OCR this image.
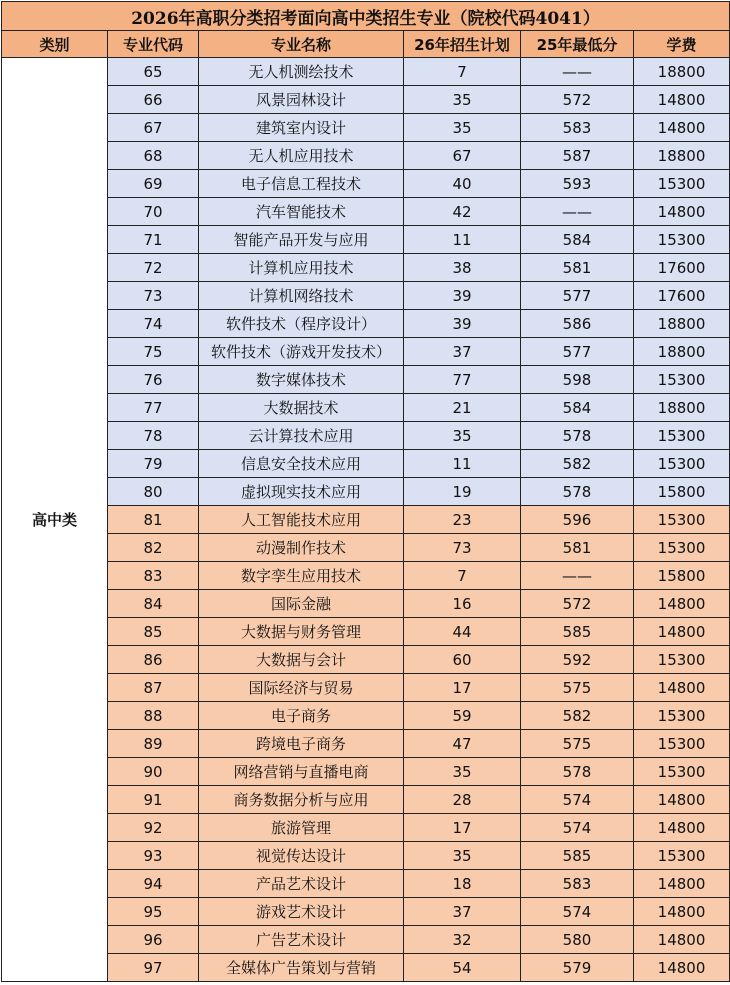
2026年高职分类招考面向高中类招生专业（院校代码4041）					
类别	专业代码	专业名称	26年招生计划	25年最低分	学费
高中类	65	无人机测绘技术	7	——	18800
	66	风景园林设计	35	572	14800
	67	建筑室内设计	35	583	14800
	68	无人机应用技术	67	587	18800
	69	电子信息工程技术	40	593	15300
	70	汽车智能技术	42	——	14800
	71	智能产品开发与应用	11	584	15300
	72	计算机应用技术	38	581	17600
	73	计算机网络技术	39	577	17600
	74	软件技术（程序设计）	39	586	18800
	75	软件技术（游戏开发技术）	37	577	18800
	76	数字媒体技术	77	598	15300
	77	大数据技术	21	584	18800
	78	云计算技术应用	35	578	15300
	79	信息安全技术应用	11	582	15300
	80	虚拟现实技术应用	19	578	15800
	81	人工智能技术应用	23	596	15300
	82	动漫制作技术	73	581	15300
	83	数字孪生应用技术	7	——	15800
	84	国际金融	16	572	14800
	85	大数据与财务管理	44	585	14800
	86	大数据与会计	60	592	15300
	87	国际经济与贸易	17	575	14800
	88	电子商务	59	582	15300
	89	跨境电子商务	47	575	15300
	90	网络营销与直播电商	35	578	15300
	91	商务数据分析与应用	28	574	14800
	92	旅游管理	17	574	14800
	93	视觉传达设计	35	585	15300
	94	产品艺术设计	18	583	14800
	95	游戏艺术设计	37	574	14800
	96	广告艺术设计	32	580	14800
	97	全媒体广告策划与营销	54	579	14800
